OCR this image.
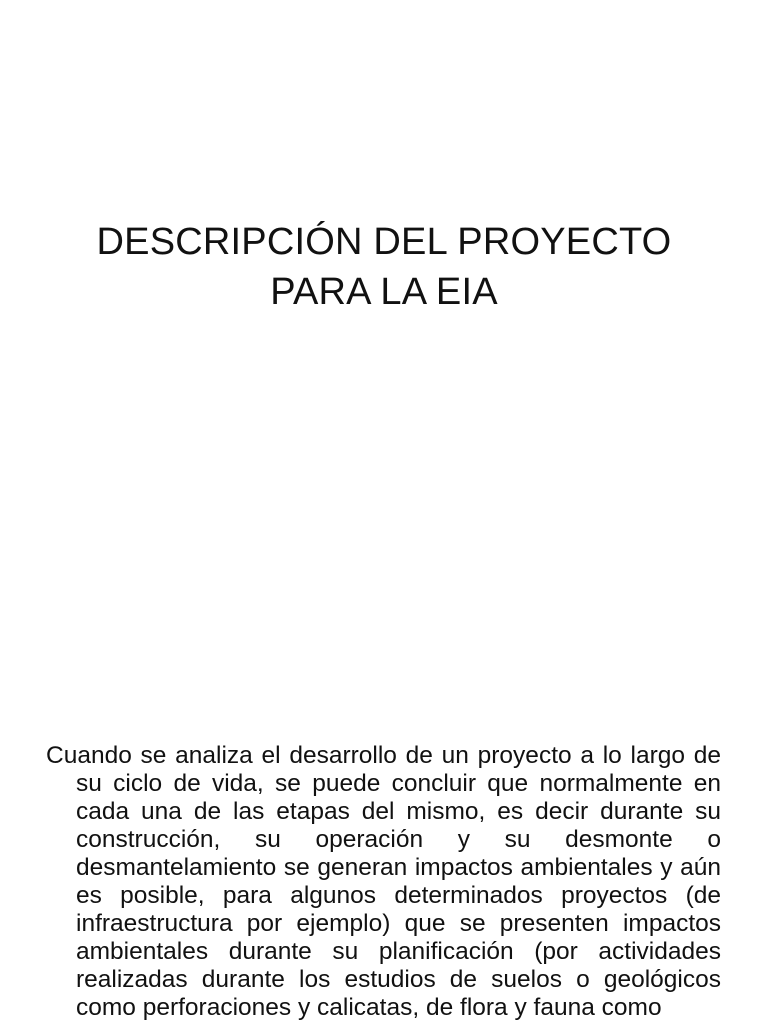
DESCRIPCIÓN DEL PROYECTO
PARA LA EIA

Cuando se analiza el desarrollo de un proyecto a lo largo de su ciclo de vida, se puede concluir que normalmente en cada una de las etapas del mismo, es decir durante su construcción, su operación y su desmonte o desmantelamiento se generan impactos ambientales y aún es posible, para algunos determinados proyectos (de infraestructura por ejemplo) que se presenten impactos ambientales durante su planificación (por actividades realizadas durante los estudios de suelos o geológicos como perforaciones y calicatas, de flora y fauna como
